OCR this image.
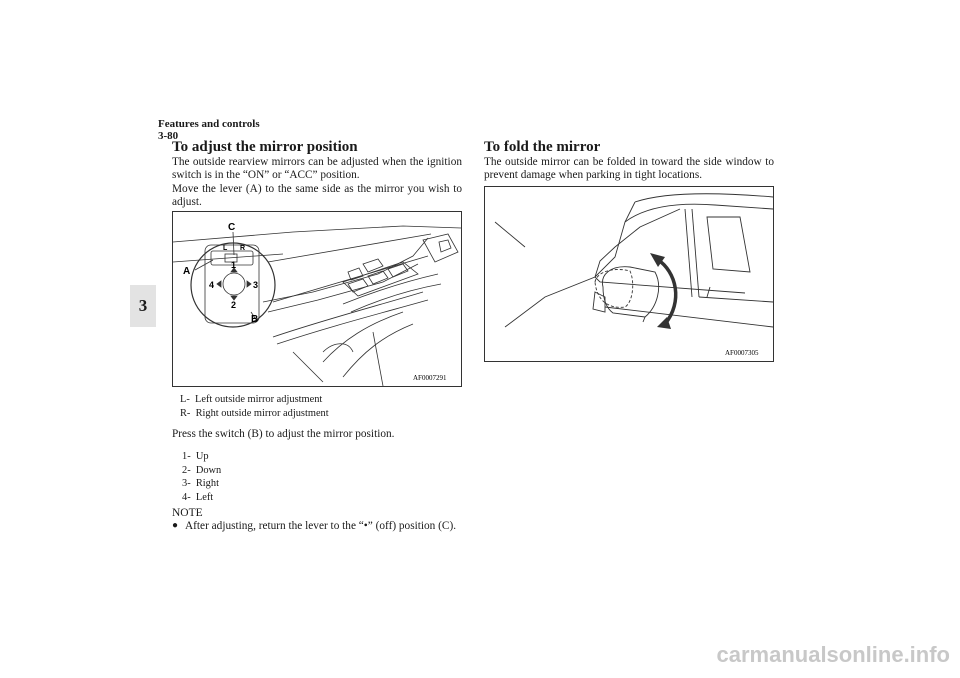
Features and controls
3-80
3
To adjust the mirror position
The outside rearview mirrors can be adjusted when the ignition switch is in the “ON” or “ACC” position.
Move the lever (A) to the same side as the mirror you wish to adjust.
C
A
B
L R
1
2
3
4
AF0007291
L- Left outside mirror adjustment
R- Right outside mirror adjustment
Press the switch (B) to adjust the mirror position.
1- Up
2- Down
3- Right
4- Left
NOTE
● After adjusting, return the lever to the “•” (off) position (C).
To fold the mirror
The outside mirror can be folded in toward the side window to prevent damage when parking in tight locations.
AF0007305
carmanualsonline.info
